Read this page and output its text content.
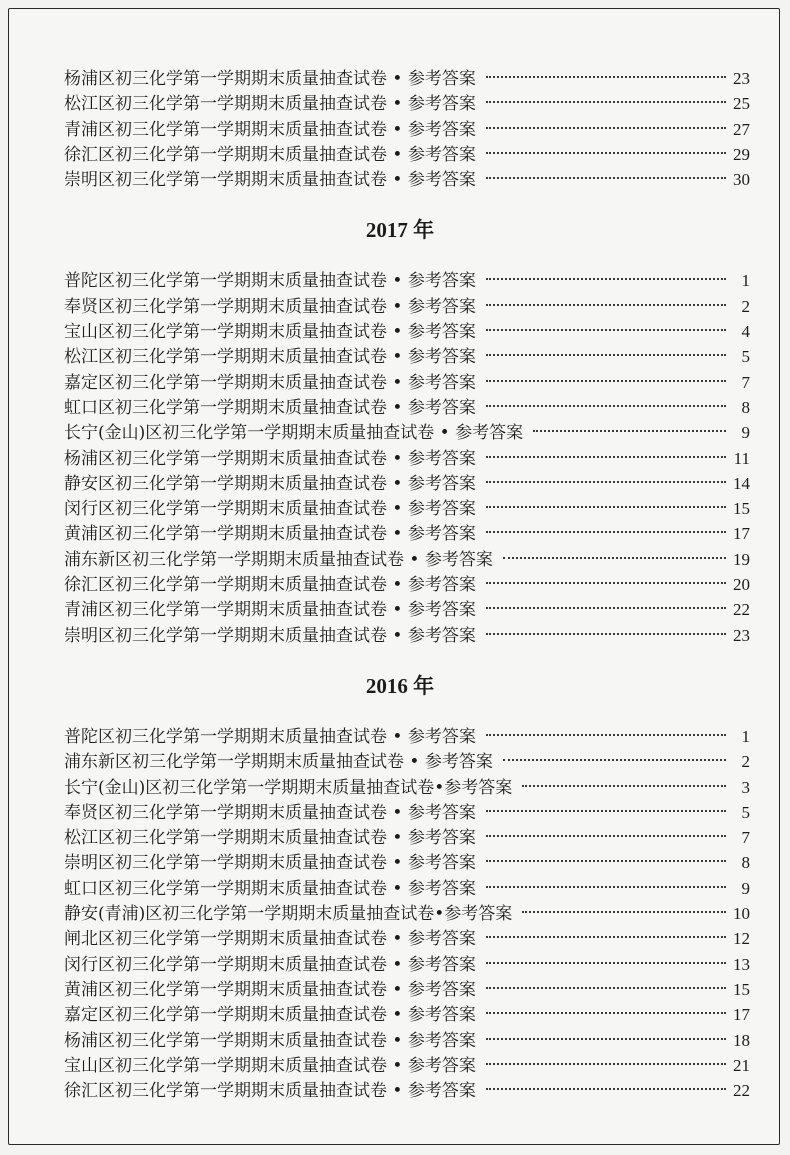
杨浦区初三化学第一学期期末质量抽查试卷 • 参考答案	23
松江区初三化学第一学期期末质量抽查试卷 • 参考答案	25
青浦区初三化学第一学期期末质量抽查试卷 • 参考答案	27
徐汇区初三化学第一学期期末质量抽查试卷 • 参考答案	29
崇明区初三化学第一学期期末质量抽查试卷 • 参考答案	30
2017 年
普陀区初三化学第一学期期末质量抽查试卷 • 参考答案	1
奉贤区初三化学第一学期期末质量抽查试卷 • 参考答案	2
宝山区初三化学第一学期期末质量抽查试卷 • 参考答案	4
松江区初三化学第一学期期末质量抽查试卷 • 参考答案	5
嘉定区初三化学第一学期期末质量抽查试卷 • 参考答案	7
虹口区初三化学第一学期期末质量抽查试卷 • 参考答案	8
长宁(金山)区初三化学第一学期期末质量抽查试卷 • 参考答案	9
杨浦区初三化学第一学期期末质量抽查试卷 • 参考答案	11
静安区初三化学第一学期期末质量抽查试卷 • 参考答案	14
闵行区初三化学第一学期期末质量抽查试卷 • 参考答案	15
黄浦区初三化学第一学期期末质量抽查试卷 • 参考答案	17
浦东新区初三化学第一学期期末质量抽查试卷 • 参考答案	19
徐汇区初三化学第一学期期末质量抽查试卷 • 参考答案	20
青浦区初三化学第一学期期末质量抽查试卷 • 参考答案	22
崇明区初三化学第一学期期末质量抽查试卷 • 参考答案	23
2016 年
普陀区初三化学第一学期期末质量抽查试卷 • 参考答案	1
浦东新区初三化学第一学期期末质量抽查试卷 • 参考答案	2
长宁(金山)区初三化学第一学期期末质量抽查试卷•参考答案	3
奉贤区初三化学第一学期期末质量抽查试卷 • 参考答案	5
松江区初三化学第一学期期末质量抽查试卷 • 参考答案	7
崇明区初三化学第一学期期末质量抽查试卷 • 参考答案	8
虹口区初三化学第一学期期末质量抽查试卷 • 参考答案	9
静安(青浦)区初三化学第一学期期末质量抽查试卷•参考答案	10
闸北区初三化学第一学期期末质量抽查试卷 • 参考答案	12
闵行区初三化学第一学期期末质量抽查试卷 • 参考答案	13
黄浦区初三化学第一学期期末质量抽查试卷 • 参考答案	15
嘉定区初三化学第一学期期末质量抽查试卷 • 参考答案	17
杨浦区初三化学第一学期期末质量抽查试卷 • 参考答案	18
宝山区初三化学第一学期期末质量抽查试卷 • 参考答案	21
徐汇区初三化学第一学期期末质量抽查试卷 • 参考答案	22
